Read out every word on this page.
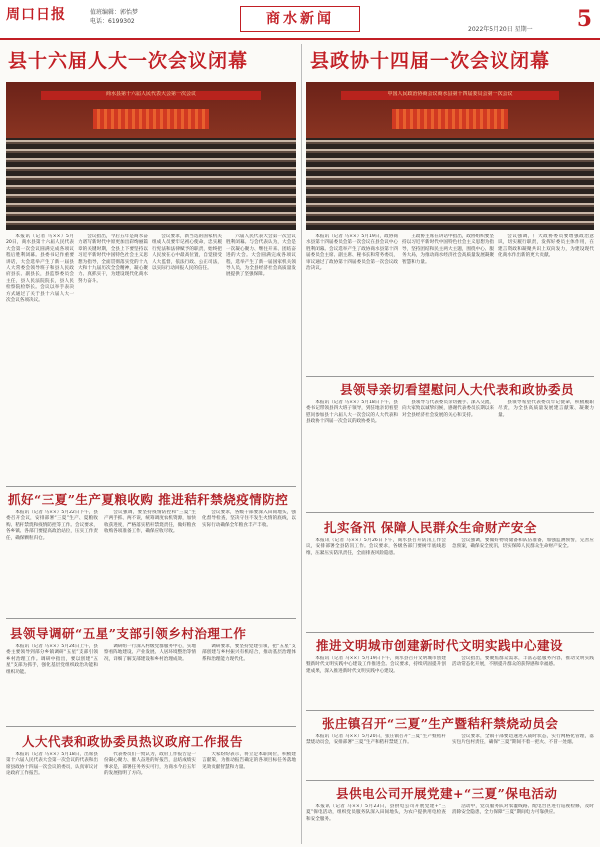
周口日报	值班编辑：郭怡梦
电话：6199302	商水新闻
2022年5月20日 星期一 5
县十六届人大一次会议闭幕
商水县第十六届人民代表大会第一次会议

本报讯（记者 马××）5月20日，商水县第十六届人民代表大会第一次会议圆满完成各项议程后胜利闭幕。县委书记作重要讲话，大会选举产生了新一届县人大常委会领导班子和县人民政府县长、副县长，县监察委员会主任，县人民法院院长，县人民检察院检察长。会议以举手表决方式通过了关于县十六届人大一次会议各项决议。

会议指出，今后五年是商水奋力谱写新时代中原更加出彩绚丽篇章的关键时期，全县上下要坚持以习近平新时代中国特色社会主义思想为指导，全面贯彻落实党的十九大和十九届历次全会精神，凝心聚力、真抓实干，为建设现代化商水努力奋斗。

会议要求，新当选的国家机关组成人员要牢记初心使命，忠实履行宪法和法律赋予的职责，始终把人民放在心中最高位置，自觉接受人大监督，依法行政、公正司法，以实际行动回报人民的信任。

六届人民代表大会第一次会议胜利闭幕。与会代表认为，大会是一次凝心聚力、继往开来、团结奋进的大会。大会圆满完成各项议程，选举产生了新一届国家机关领导人员，为全县经济社会高质量发展提供了坚强保障。

县政协十四届一次会议闭幕
中国人民政治协商会议商水县第十四届委员会第一次会议

本报讯（记者 马××）5月19日，政协商水县第十四届委员会第一次会议在县会议中心胜利闭幕。会议选举产生了政协商水县第十四届委员会主席、副主席、秘书长和常务委员，审议通过了政协第十四届委员会第一次会议政治决议。

王政协主席在讲话中指出，政协组织要坚持以习近平新时代中国特色社会主义思想为指导，坚持团结和民主两大主题，围绕中心、服务大局，为推动商水经济社会高质量发展凝聚智慧和力量。

会议强调，广大政协委员要增强政治意识，切实履行职责，发挥好委员主体作用，在建言资政和凝聚共识上双向发力，为建设现代化商水作出新的更大贡献。

抓好“三夏”生产夏粮收购 推进秸秆禁烧疫情防控

本报讯（记者 马××）5月22日下午，县委召开会议，安排部署“三夏”生产、夏粮收购、秸秆禁烧和疫情防控等工作。会议要求，各乡镇、各部门要提高政治站位，压实工作责任，确保颗粒归仓。

会议强调，要坚持疫情防控和“三夏”生产两手抓、两不误，统筹调度农机资源，加快收获进度，严格落实秸秆禁烧责任，做好粮食收购各项准备工作，确保应收尽收。

会议要求，各级干部要深入田间地头，强化督导检查，坚决守住不发生火情的底线，以实际行动确保全年粮食丰产丰收。

县领导调研“五星”支部引领乡村治理工作

本报讯（记者 马××）5月24日上午，县委主要领导到部分乡镇调研“五星”支部引领乡村治理工作。调研中指出，要以创建“五星”支部为抓手，强化基层党组织政治功能和组织功能。

调研组一行深入村级党群服务中心，实地察看阵地建设、产业发展、人居环境整治等情况，详细了解支部建设和乡村治理成效。

调研要求，要坚持党建引领，把“五星”支部创建与乡村振兴有机结合，推动基层治理体系和治理能力现代化。

人大代表和政协委员热议政府工作报告

本报讯（记者 马××）5月18日，出席县第十六届人民代表大会第一次会议的代表和出席县政协十四届一次会议的委员，认真审议讨论政府工作报告。

代表委员们一致认为，政府工作报告是一份凝心聚力、催人奋进的好报告，总结成绩实事求是，部署任务务实可行，为商水今后五年的发展指明了方向。

大家纷纷表示，将立足本职岗位，积极建言献策，为推动报告确定的各项目标任务落地见效贡献智慧和力量。

县领导亲切看望慰问人大代表和政协委员

本报讯（记者 马××）5月18日下午，县委书记带领县四大班子领导，到驻地亲切看望慰问参加县十六届人大一次会议的人大代表和县政协十四届一次会议的政协委员。

县领导与代表委员亲切握手、深入交流，向大家致以诚挚问候，感谢代表委员长期以来对全县经济社会发展的关心和支持。

县领导希望代表委员牢记使命，积极履职尽责，为全县高质量发展建言献策、凝聚力量。

扎实备汛 保障人民群众生命财产安全

本报讯（记者 马××）5月26日下午，商水县召开防汛工作会议，安排部署全县防汛工作。会议要求，各级各部门要树牢底线思维，压紧压实防汛责任，全面排查风险隐患。

会议强调，要做好物资储备和队伍准备，加强监测预警，完善应急预案，确保安全度汛，切实保障人民群众生命财产安全。

推进文明城市创建新时代文明实践中心建设

本报讯（记者 马××）5月19日下午，商水县召开文明城市创建暨新时代文明实践中心建设工作推进会。会议要求，持续巩固提升创建成果，深入推进新时代文明实践中心建设。

会议指出，要聚焦群众需求，丰富志愿服务内容，推动文明实践活动常态化开展，不断提升群众的获得感和幸福感。

张庄镇召开“三夏”生产暨秸秆禁烧动员会

本报讯（记者 马××）5月20日，张庄镇召开“三夏”生产暨秸秆禁烧动员会，安排部署“三夏”生产和秸秆禁烧工作。

会议要求，全镇干部要迅速进入战时状态，实行网格化管理，落实包片包村责任，确保“三夏”期间不着一把火、不冒一处烟。

县供电公司开展党建+“三夏”保电活动

本报讯（记者 马××）5月23日，县供电公司开展党建+“三夏”保电活动，组织党员服务队深入田间地头，为农户提供用电检查和安全服务。

活动中，党员服务队对农灌线路、配电台区进行巡视检修，及时消除安全隐患，全力保障“三夏”期间电力可靠供应。
